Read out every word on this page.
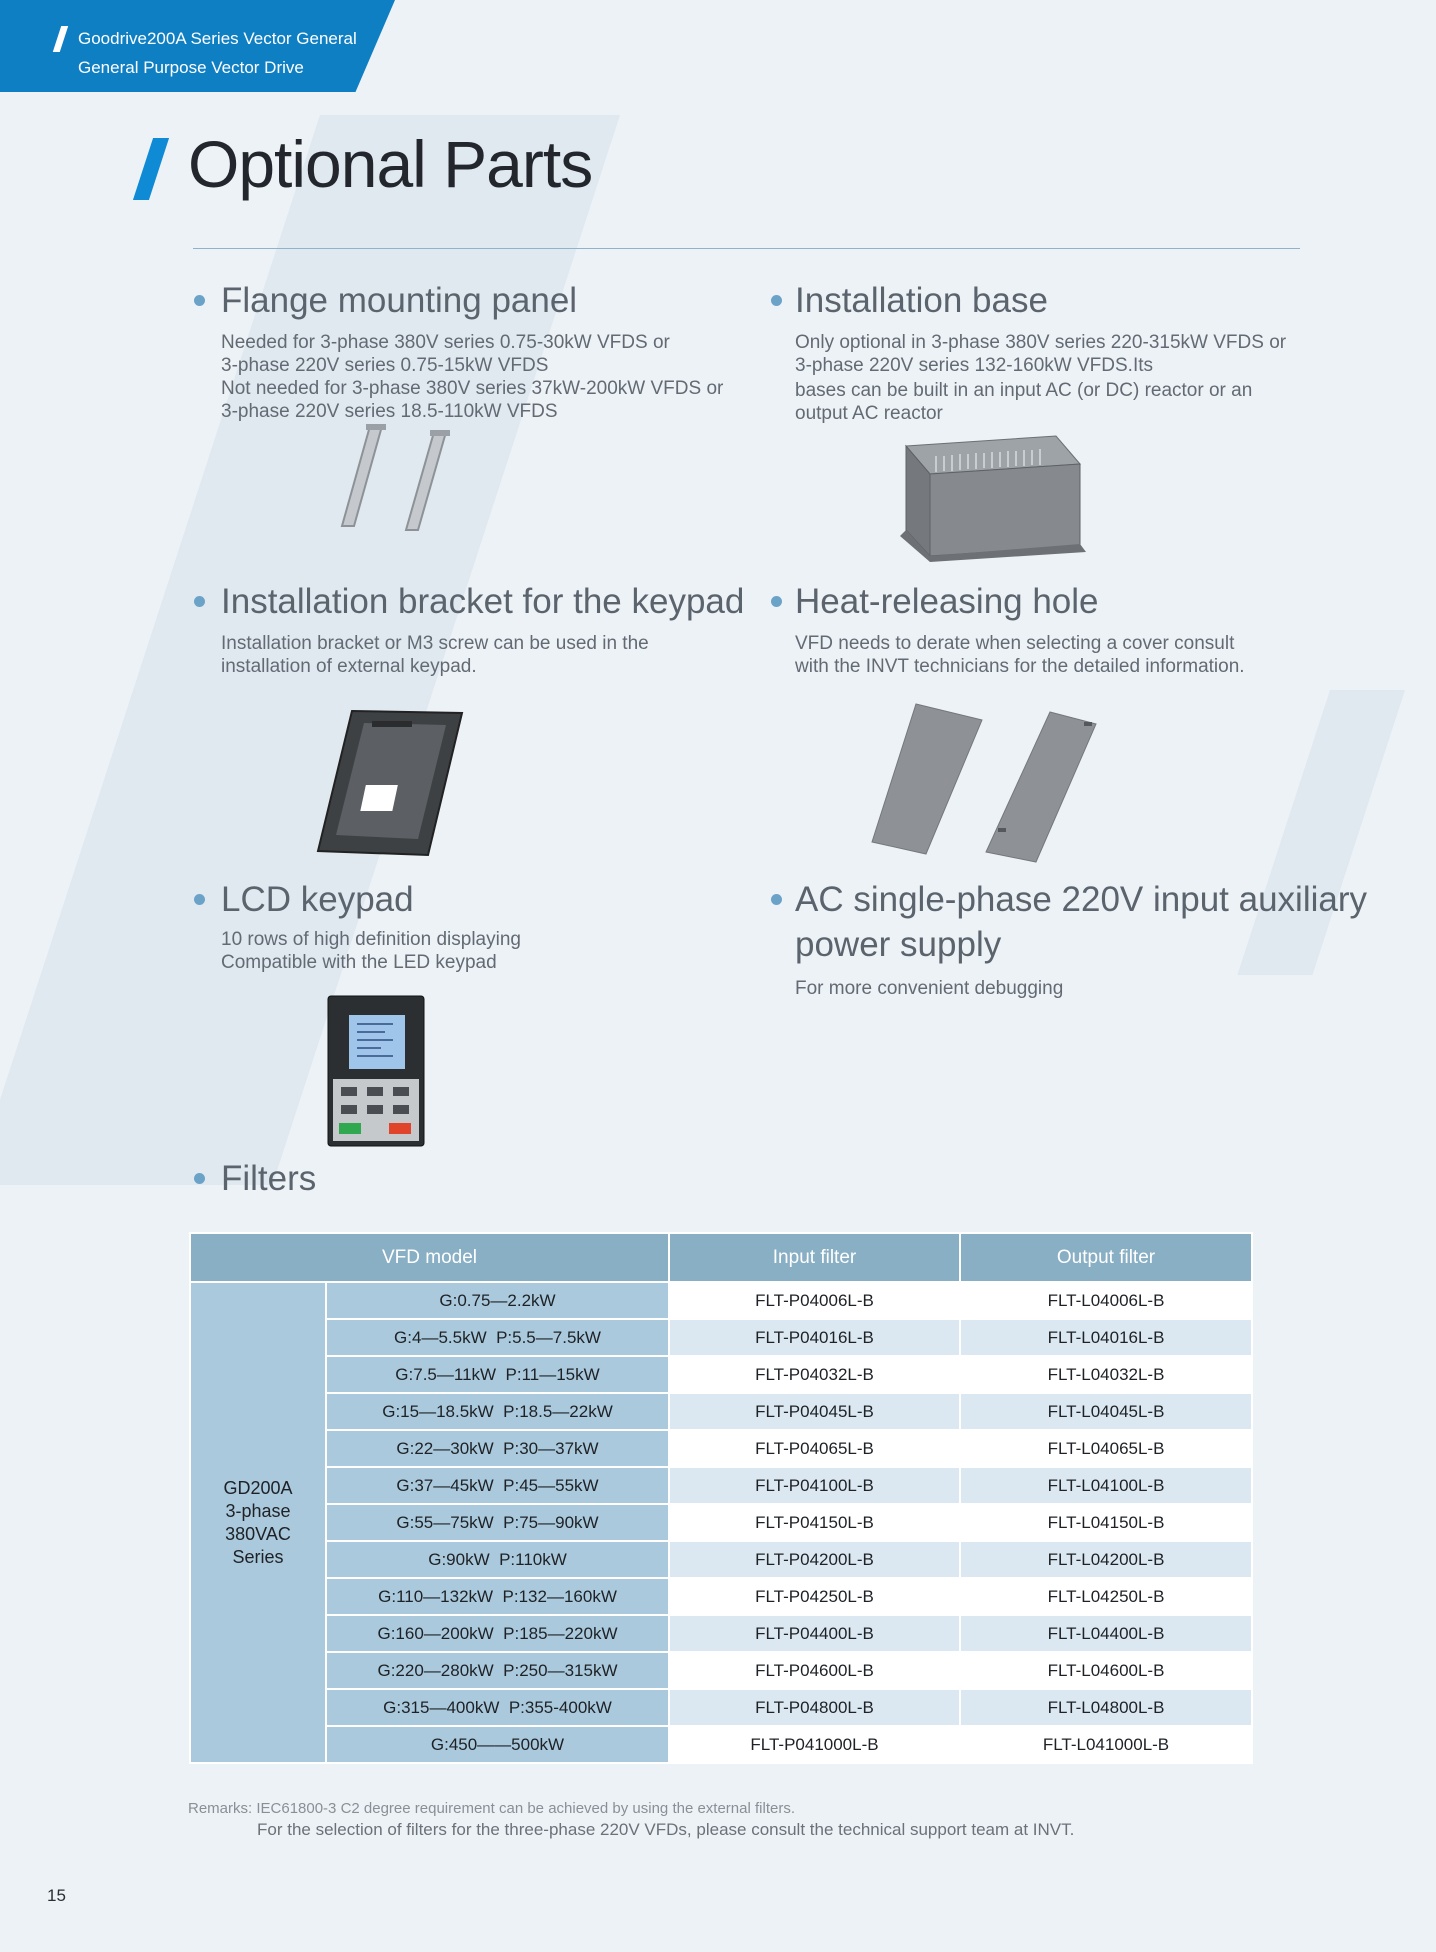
Goodrive200A Series Vector General
General Purpose Vector Drive
Optional Parts
Flange mounting panel
Needed for 3-phase 380V series 0.75-30kW VFDS or
3-phase 220V series 0.75-15kW VFDS
Not needed for 3-phase 380V series 37kW-200kW VFDS or
3-phase 220V series 18.5-110kW VFDS
Installation base
Only optional in 3-phase 380V series 220-315kW VFDS or
3-phase 220V series 132-160kW VFDS.Its
bases can be built in an input AC (or DC) reactor or an
output AC reactor
Installation bracket for the keypad
Installation bracket or M3 screw can be used in the
installation of external keypad.
Heat-releasing hole
VFD needs to derate when selecting a cover consult
with the INVT technicians for the detailed information.
LCD keypad
10 rows of high definition displaying
Compatible with the LED keypad
AC single-phase 220V input auxiliary
power supply
For more convenient debugging
Filters
VFD model		Input filter	Output filter

GD200A
3-phase
380VAC
Series	G:0.75—2.2kW	FLT-P04006L-B	FLT-L04006L-B
	G:4—5.5kW  P:5.5—7.5kW	FLT-P04016L-B	FLT-L04016L-B
	G:7.5—11kW  P:11—15kW	FLT-P04032L-B	FLT-L04032L-B
	G:15—18.5kW  P:18.5—22kW	FLT-P04045L-B	FLT-L04045L-B
	G:22—30kW  P:30—37kW	FLT-P04065L-B	FLT-L04065L-B
	G:37—45kW  P:45—55kW	FLT-P04100L-B	FLT-L04100L-B
	G:55—75kW  P:75—90kW	FLT-P04150L-B	FLT-L04150L-B
	G:90kW  P:110kW	FLT-P04200L-B	FLT-L04200L-B
	G:110—132kW  P:132—160kW	FLT-P04250L-B	FLT-L04250L-B
	G:160—200kW  P:185—220kW	FLT-P04400L-B	FLT-L04400L-B
	G:220—280kW  P:250—315kW	FLT-P04600L-B	FLT-L04600L-B
	G:315—400kW  P:355-400kW	FLT-P04800L-B	FLT-L04800L-B
	G:450——500kW	FLT-P041000L-B	FLT-L041000L-B
Remarks: IEC61800-3 C2 degree requirement can be achieved by using the external filters.
For the selection of filters for the three-phase 220V VFDs, please consult the technical support team at INVT.
15
